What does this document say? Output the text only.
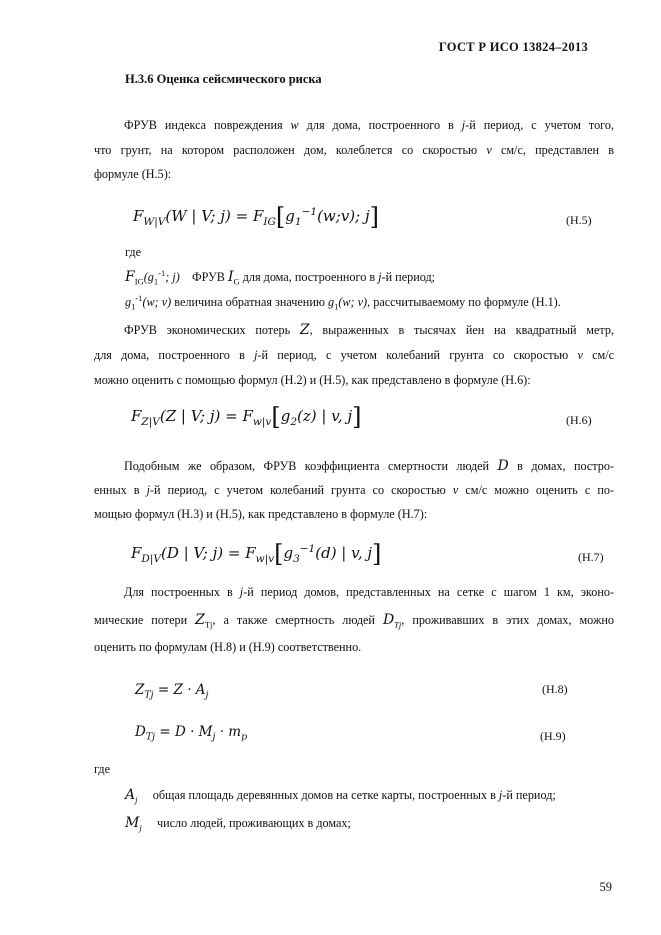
ГОСТ Р ИСО 13824–2013
Н.3.6 Оценка сейсмического риска
ФРУВ индекса повреждения w для дома, построенного в j-й период, с учетом того,
что грунт, на котором расположен дом, колеблется со скоростью v см/с, представлен в
формуле (Н.5):
$F_{W|V}(W$ | V; $j) = F_{IG}[g_1^{-1}(w;v)$; j]	(Н.5)
где
$F_{IG}(g_1^{-1}$; j) ФРУВ $I_G$ для дома, построенного в j-й период;
$g_1^{-1}(w$; v) величина обратная значению $g_1(w$; v), рассчитываемому по формуле (Н.1).
ФРУВ экономических потерь Z, выраженных в тысячах йен на квадратный метр,
для дома, построенного в j-й период, с учетом колебаний грунта со скоростью v см/с
можно оценить с помощью формул (Н.2) и (Н.5), как представлено в формуле (Н.6):
$F_{Z|V}(Z$ | V; $j) = F_{w|v}[g_2(z)$ | v, j]	(Н.6)
Подобным же образом, ФРУВ коэффициента смертности людей D в домах, постро-
енных в j-й период, с учетом колебаний грунта со скоростью v см/с можно оценить с по-
мощью формул (Н.3) и (Н.5), как представлено в формуле (Н.7):
$F_{D|V}(D$ | V; $j) = F_{w|v}[g_3^{-1}(d)$ | v, j]	(Н.7)
Для построенных в j-й период домов, представленных на сетке с шагом 1 км, эконо-
мические потери $Z_{Tj}$, а также смертность людей $D_{Tj}$, проживавших в этих домах, можно
оценить по формулам (Н.8) и (Н.9) соответственно.
$Z_{Tj} = Z \cdot A_j$	(Н.8)
$D_{Tj} = D \cdot M_j \cdot m_p$	(Н.9)
где
$A_j$ общая площадь деревянных домов на сетке карты, построенных в j-й период;
$M_j$ число людей, проживающих в домах;
59
